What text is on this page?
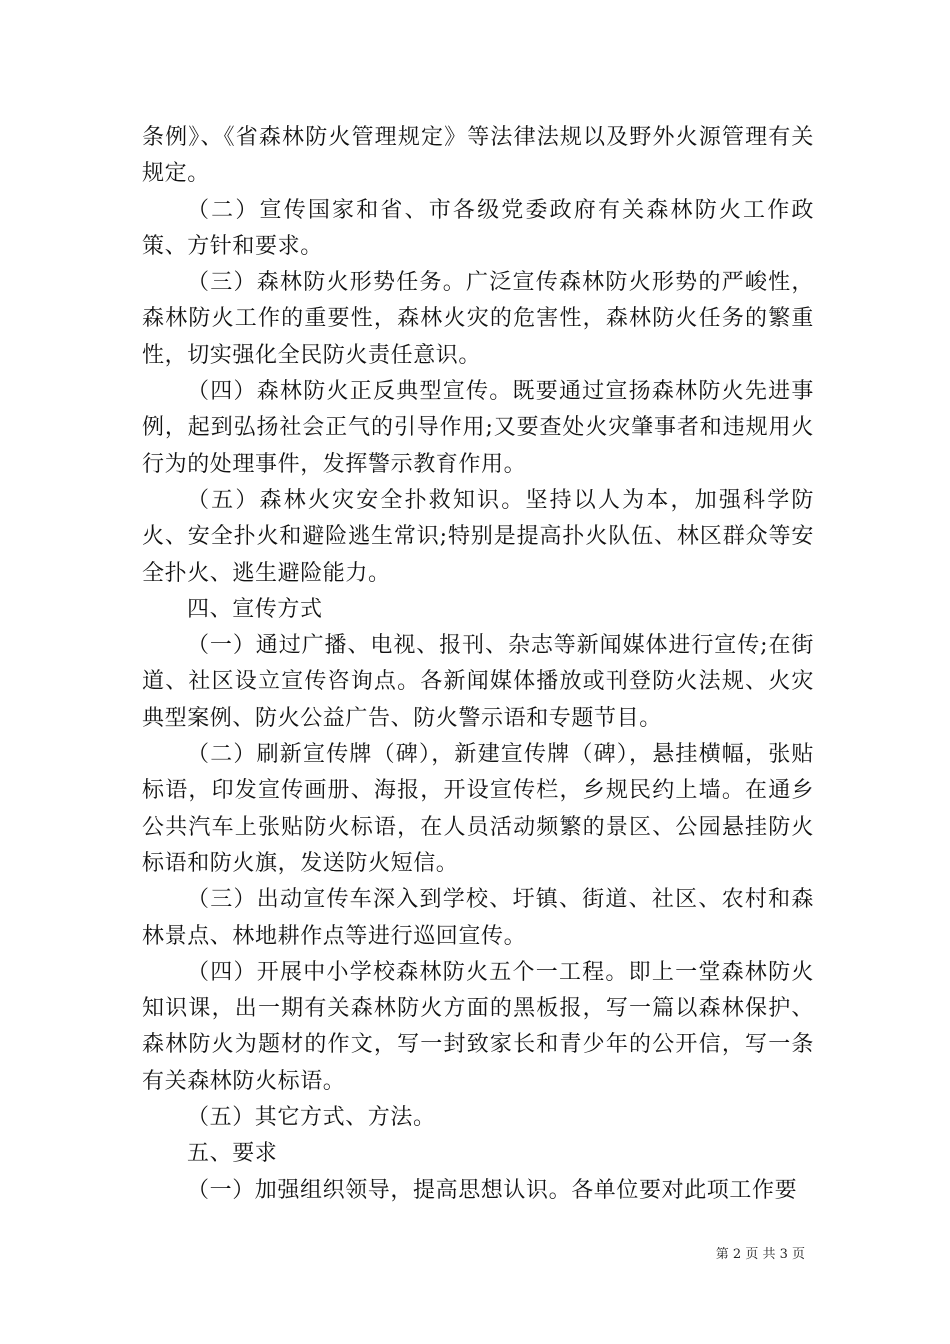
条例》、《省森林防火管理规定》等法律法规以及野外火源管理有关规定。

（二）宣传国家和省、市各级党委政府有关森林防火工作政策、方针和要求。

（三）森林防火形势任务。广泛宣传森林防火形势的严峻性，森林防火工作的重要性，森林火灾的危害性，森林防火任务的繁重性，切实强化全民防火责任意识。

（四）森林防火正反典型宣传。既要通过宣扬森林防火先进事例，起到弘扬社会正气的引导作用;又要查处火灾肇事者和违规用火行为的处理事件，发挥警示教育作用。

（五）森林火灾安全扑救知识。坚持以人为本，加强科学防火、安全扑火和避险逃生常识;特别是提高扑火队伍、林区群众等安全扑火、逃生避险能力。

四、宣传方式

（一）通过广播、电视、报刊、杂志等新闻媒体进行宣传;在街道、社区设立宣传咨询点。各新闻媒体播放或刊登防火法规、火灾典型案例、防火公益广告、防火警示语和专题节目。

（二）刷新宣传牌（碑），新建宣传牌（碑），悬挂横幅，张贴标语，印发宣传画册、海报，开设宣传栏，乡规民约上墙。在通乡公共汽车上张贴防火标语，在人员活动频繁的景区、公园悬挂防火标语和防火旗，发送防火短信。

（三）出动宣传车深入到学校、圩镇、街道、社区、农村和森林景点、林地耕作点等进行巡回宣传。

（四）开展中小学校森林防火五个一工程。即上一堂森林防火知识课，出一期有关森林防火方面的黑板报，写一篇以森林保护、森林防火为题材的作文，写一封致家长和青少年的公开信，写一条有关森林防火标语。

（五）其它方式、方法。

五、要求

（一）加强组织领导，提高思想认识。各单位要对此项工作要

第 2 页 共 3 页
